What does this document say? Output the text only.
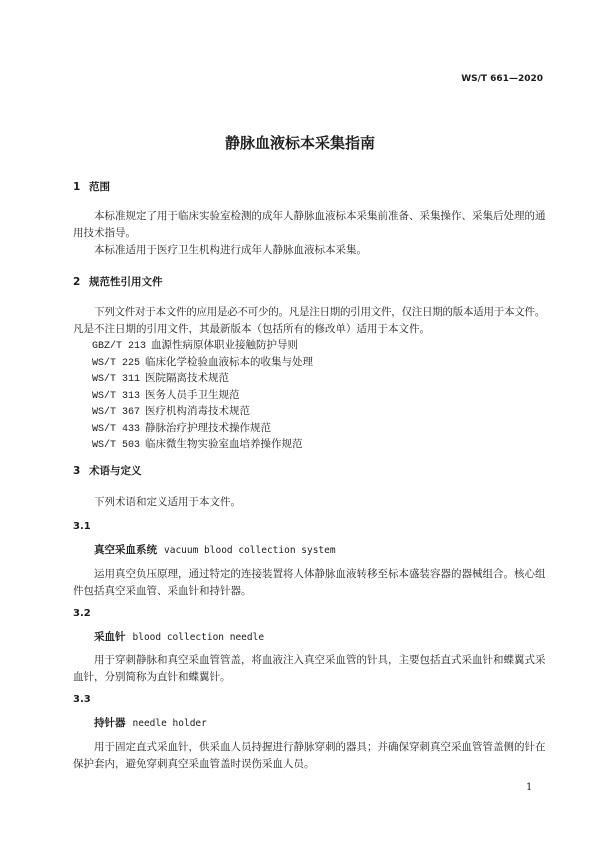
WS/T 661—2020
静脉血液标本采集指南
1 范围
本标准规定了用于临床实验室检测的成年人静脉血液标本采集前准备、采集操作、采集后处理的通
用技术指导。
本标准适用于医疗卫生机构进行成年人静脉血液标本采集。
2 规范性引用文件
下列文件对于本文件的应用是必不可少的。凡是注日期的引用文件，仅注日期的版本适用于本文件。
凡是不注日期的引用文件，其最新版本（包括所有的修改单）适用于本文件。
GBZ/T 213 血源性病原体职业接触防护导则
WS/T 225 临床化学检验血液标本的收集与处理
WS/T 311 医院隔离技术规范
WS/T 313 医务人员手卫生规范
WS/T 367 医疗机构消毒技术规范
WS/T 433 静脉治疗护理技术操作规范
WS/T 503 临床微生物实验室血培养操作规范
3 术语与定义
下列术语和定义适用于本文件。
3.1
真空采血系统 vacuum blood collection system
运用真空负压原理，通过特定的连接装置将人体静脉血液转移至标本盛装容器的器械组合。核心组
件包括真空采血管、采血针和持针器。
3.2
采血针 blood collection needle
用于穿刺静脉和真空采血管管盖，将血液注入真空采血管的针具，主要包括直式采血针和蝶翼式采
血针，分别简称为直针和蝶翼针。
3.3
持针器 needle holder
用于固定直式采血针，供采血人员持握进行静脉穿刺的器具；并确保穿刺真空采血管管盖侧的针在
保护套内，避免穿刺真空采血管盖时误伤采血人员。
1
